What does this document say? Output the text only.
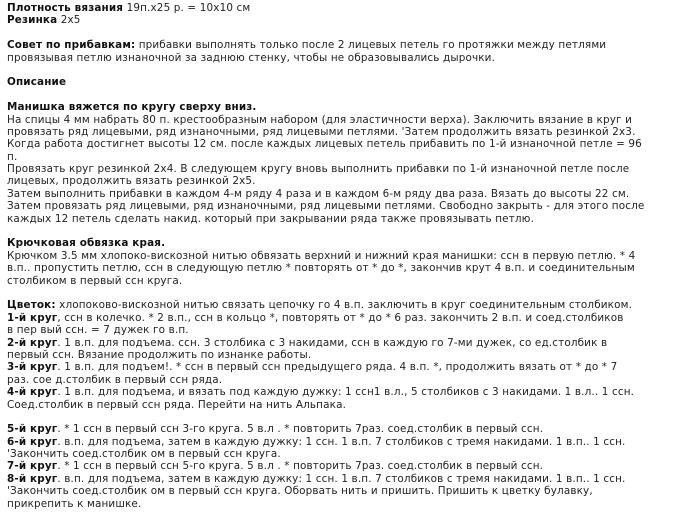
Плотность вязания 19п.х25 р. = 10х10 см
Резинка 2х5
Совет по прибавкам: прибавки выполнять только после 2 лицевых петель го протяжки между петлями
провязывая петлю изнаночной за заднюю стенку, чтобы не образовывались дырочки.
Описание
Манишка вяжется по кругу сверху вниз.
На спицы 4 мм набрать 80 п. крестообразным набором (для эластичности верха). Заключить вязание в круг и
провязать ряд лицевыми, ряд изнаночными, ряд лицевыми петлями. 'Затем продолжить вязать резинкой 2х3.
Когда работа достигнет высоты 12 см. после каждых лицевых петель прибавить по 1-й изнаночной петле = 96
п.
Провязать круг резинкой 2х4. В следующем кругу вновь выполнить прибавки по 1-й изнаночной петле после
лицевых, продолжить вязать резинкой 2х5.
Затем выполнить прибавки в каждом 4-м ряду 4 раза и в каждом 6-м ряду два раза. Вязать до высоты 22 см.
Затем провязать ряд лицевыми, ряд изнаночными, ряд лицевыми петлями. Свободно закрыть - для этого после
каждых 12 петель сделать накид. который при закрывании ряда также провязывать петлю.
Крючковая обвязка края.
Крючком 3.5 мм хлопоко-вискозной нитью обвязать верхний и нижний края манишки: ссн в первую петлю. * 4
в.п.. пропустить петлю, ссн в следующую петлю * повторять от * до *, закончив крут 4 в.п. и соединительным
столбиком в первый ссн круга.
Цветок: хлопоково-вискозной нитью связать цепочку го 4 в.п. заключить в круг соединительным столбиком.
1-й круг, ссн в колечко. * 2 в.п., ссн в кольцо *, повторять от * до * 6 раз. закончить 2 в.п. и соед.столбиков
в пер вый ссн. = 7 дужек го в.п.
2-й круг. 1 в.п. для подъема. ссн. 3 столбика с 3 накидами, ссн в каждую го 7-ми дужек, со ед.столбик в
первый ссн. Вязание продолжить по изнанке работы.
3-й круг. 1 в.п. для подъем!. * ссн в первый ссн предыдущего ряда. 4 в.п. *, продолжить вязать от * до * 7
раз. сое д.столбик в первый ссн ряда.
4-й круг. 1 в.п. для подъема, и вязать под каждую дужку: 1 ссн1 в.л., 5 столбиков с 3 накидами. 1 в.л.. 1 ссн.
Соед.столбик в первый ссн ряда. Перейти на нить Альпака.
5-й круг. * 1 ссн в первый ссн 3-го круга. 5 в.л . * повторить 7раз. соед.столбик в первый ссн.
6-й круг. в.п. для подъема, затем в каждую дужку: 1 ссн. 1 в.п. 7 столбиков с тремя накидами. 1 в.п.. 1 ссн.
'Закончить соед.столбик ом в первый ссн круга.
7-й круг. * 1 ссн в первый ссн 5-го круга. 5 в.л . * повторить 7раз. соед.столбик в первый ссн.
8-й круг. в.п. для подъема, затем в каждую дужку: 1 ссн. 1 в.п. 7 столбиков с тремя накидами. 1 в.п.. 1 ссн.
'Закончить соед.столбик ом в первый ссн круга. Оборвать нить и пришить. Пришить к цветку булавку,
прикрепить к манишке.
